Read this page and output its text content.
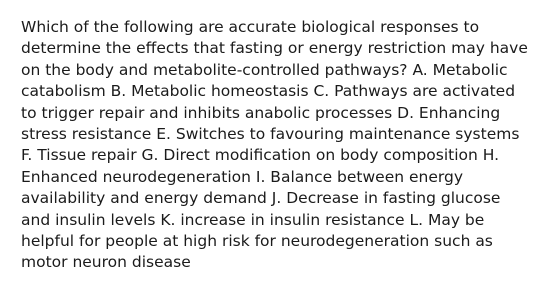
Which of the following are accurate biological responses to
determine the effects that fasting or energy restriction may have
on the body and metabolite-controlled pathways? A. Metabolic
catabolism B. Metabolic homeostasis C. Pathways are activated
to trigger repair and inhibits anabolic processes D. Enhancing
stress resistance E. Switches to favouring maintenance systems
F. Tissue repair G. Direct modification on body composition H.
Enhanced neurodegeneration I. Balance between energy
availability and energy demand J. Decrease in fasting glucose
and insulin levels K. increase in insulin resistance L. May be
helpful for people at high risk for neurodegeneration such as
motor neuron disease
